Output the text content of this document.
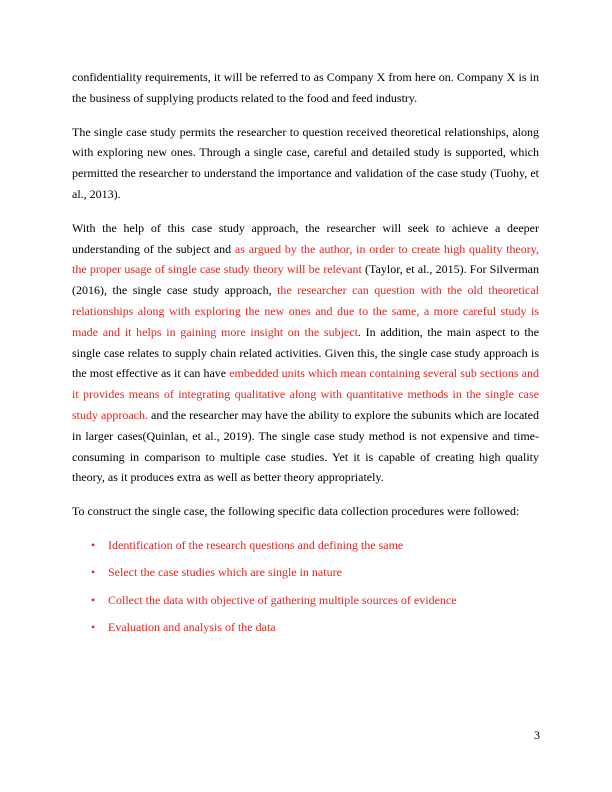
confidentiality requirements, it will be referred to as Company X from here on. Company X is in the business of supplying products related to the food and feed industry.

The single case study permits the researcher to question received theoretical relationships, along with exploring new ones. Through a single case, careful and detailed study is supported, which permitted the researcher to understand the importance and validation of the case study (Tuohy, et al., 2013).

With the help of this case study approach, the researcher will seek to achieve a deeper understanding of the subject and as argued by the author, in order to create high quality theory, the proper usage of single case study theory will be relevant (Taylor, et al., 2015). For Silverman (2016), the single case study approach, the researcher can question with the old theoretical relationships along with exploring the new ones and due to the same, a more careful study is made and it helps in gaining more insight on the subject. In addition, the main aspect to the single case relates to supply chain related activities. Given this, the single case study approach is the most effective as it can have embedded units which mean containing several sub sections and it provides means of integrating qualitative along with quantitative methods in the single case study approach. and the researcher may have the ability to explore the subunits which are located in larger cases(Quinlan, et al., 2019). The single case study method is not expensive and time-consuming in comparison to multiple case studies. Yet it is capable of creating high quality theory, as it produces extra as well as better theory appropriately.

To construct the single case, the following specific data collection procedures were followed:

• Identification of the research questions and defining the same
• Select the case studies which are single in nature
• Collect the data with objective of gathering multiple sources of evidence
• Evaluation and analysis of the data
3
